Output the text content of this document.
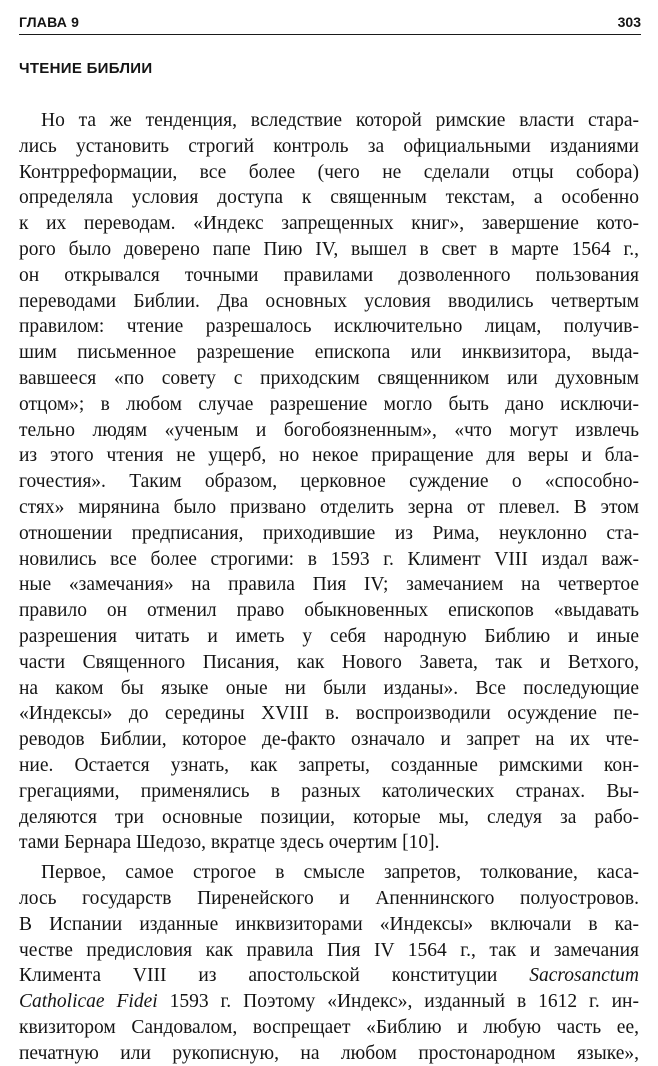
ГЛАВА 9	303
ЧТЕНИЕ БИБЛИИ
Но та же тенденция, вследствие которой римские власти стара-
лись установить строгий контроль за официальными изданиями
Контрреформации, все более (чего не сделали отцы собора)
определяла условия доступа к священным текстам, а особенно
к их переводам. «Индекс запрещенных книг», завершение кото-
рого было доверено папе Пию IV, вышел в свет в марте 1564 г.,
он открывался точными правилами дозволенного пользования
переводами Библии. Два основных условия вводились четвертым
правилом: чтение разрешалось исключительно лицам, получив-
шим письменное разрешение епископа или инквизитора, выда-
вавшееся «по совету с приходским священником или духовным
отцом»; в любом случае разрешение могло быть дано исключи-
тельно людям «ученым и богобоязненным», «что могут извлечь
из этого чтения не ущерб, но некое приращение для веры и бла-
гочестия». Таким образом, церковное суждение о «способно-
стях» мирянина было призвано отделить зерна от плевел. В этом
отношении предписания, приходившие из Рима, неуклонно ста-
новились все более строгими: в 1593 г. Климент VIII издал важ-
ные «замечания» на правила Пия IV; замечанием на четвертое
правило он отменил право обыкновенных епископов «выдавать
разрешения читать и иметь у себя народную Библию и иные
части Священного Писания, как Нового Завета, так и Ветхого,
на каком бы языке оные ни были изданы». Все последующие
«Индексы» до середины XVIII в. воспроизводили осуждение пе-
реводов Библии, которое де-факто означало и запрет на их чте-
ние. Остается узнать, как запреты, созданные римскими кон-
грегациями, применялись в разных католических странах. Вы-
деляются три основные позиции, которые мы, следуя за рабо-
тами Бернара Шедозо, вкратце здесь очертим [10].
Первое, самое строгое в смысле запретов, толкование, каса-
лось государств Пиренейского и Апеннинского полуостровов.
В Испании изданные инквизиторами «Индексы» включали в ка-
честве предисловия как правила Пия IV 1564 г., так и замечания
Климента VIII из апостольской конституции Sacrosanctum
Catholicae Fidei 1593 г. Поэтому «Индекс», изданный в 1612 г. ин-
квизитором Сандовалом, воспрещает «Библию и любую часть ее,
печатную или рукописную, на любом простонародном языке»,
